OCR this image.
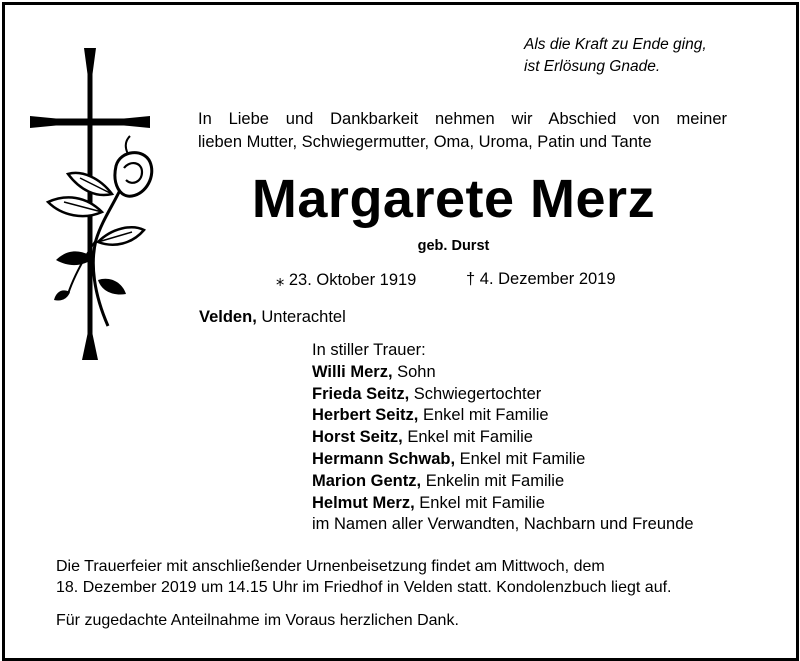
Als die Kraft zu Ende ging,
ist Erlösung Gnade.
In Liebe und Dankbarkeit nehmen wir Abschied von meiner
lieben Mutter, Schwiegermutter, Oma, Uroma, Patin und Tante
Margarete Merz
geb. Durst
⁎ 23. Oktober 1919	† 4. Dezember 2019
Velden, Unterachtel
In stiller Trauer:
Willi Merz, Sohn
Frieda Seitz, Schwiegertochter
Herbert Seitz, Enkel mit Familie
Horst Seitz, Enkel mit Familie
Hermann Schwab, Enkel mit Familie
Marion Gentz, Enkelin mit Familie
Helmut Merz, Enkel mit Familie
im Namen aller Verwandten, Nachbarn und Freunde
Die Trauerfeier mit anschließender Urnenbeisetzung findet am Mittwoch, dem
18. Dezember 2019 um 14.15 Uhr im Friedhof in Velden statt. Kondolenzbuch liegt auf.
Für zugedachte Anteilnahme im Voraus herzlichen Dank.
